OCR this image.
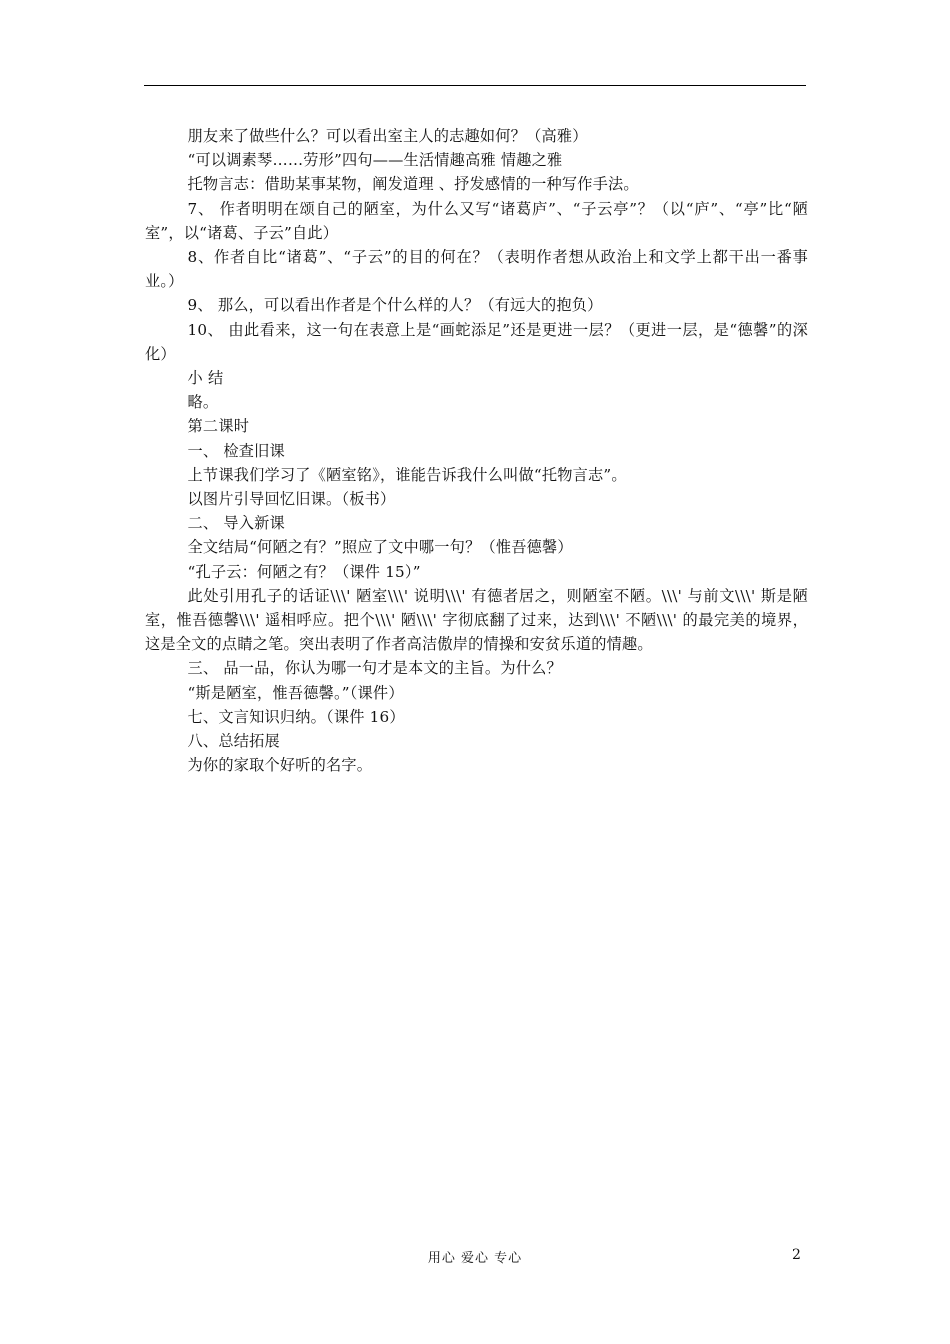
朋友来了做些什么？可以看出室主人的志趣如何？（高雅）

“可以调素琴……劳形”四句——生活情趣高雅 情趣之雅

托物言志：借助某事某物，阐发道理 、抒发感情的一种写作手法。

7、 作者明明在颂自己的陋室，为什么又写“诸葛庐”、“子云亭”？（以“庐”、“亭”比“陋室”，以“诸葛、子云”自此）

8、作者自比“诸葛”、“子云”的目的何在？（表明作者想从政治上和文学上都干出一番事业。）

9、 那么，可以看出作者是个什么样的人？（有远大的抱负）

10、 由此看来，这一句在表意上是“画蛇添足”还是更进一层？（更进一层，是“德馨”的深化）

小 结

略。

第二课时

一、 检查旧课

上节课我们学习了《陋室铭》，谁能告诉我什么叫做“托物言志”。

以图片引导回忆旧课。（板书）

二、 导入新课

全文结局“何陋之有？”照应了文中哪一句？（惟吾德馨）

“孔子云：何陋之有？（课件 15）”

此处引用孔子的话证\\\' 陋室\\\' 说明\\\' 有德者居之，则陋室不陋。\\\' 与前文\\\' 斯是陋室，惟吾德馨\\\' 遥相呼应。把个\\\' 陋\\\' 字彻底翻了过来，达到\\\' 不陋\\\' 的最完美的境界，这是全文的点睛之笔。突出表明了作者高洁傲岸的情操和安贫乐道的情趣。

三、 品一品，你认为哪一句才是本文的主旨。为什么？

“斯是陋室，惟吾德馨。”（课件）

七、文言知识归纳。（课件 16）

八、总结拓展

为你的家取个好听的名字。

用心 爱心 专心	2
